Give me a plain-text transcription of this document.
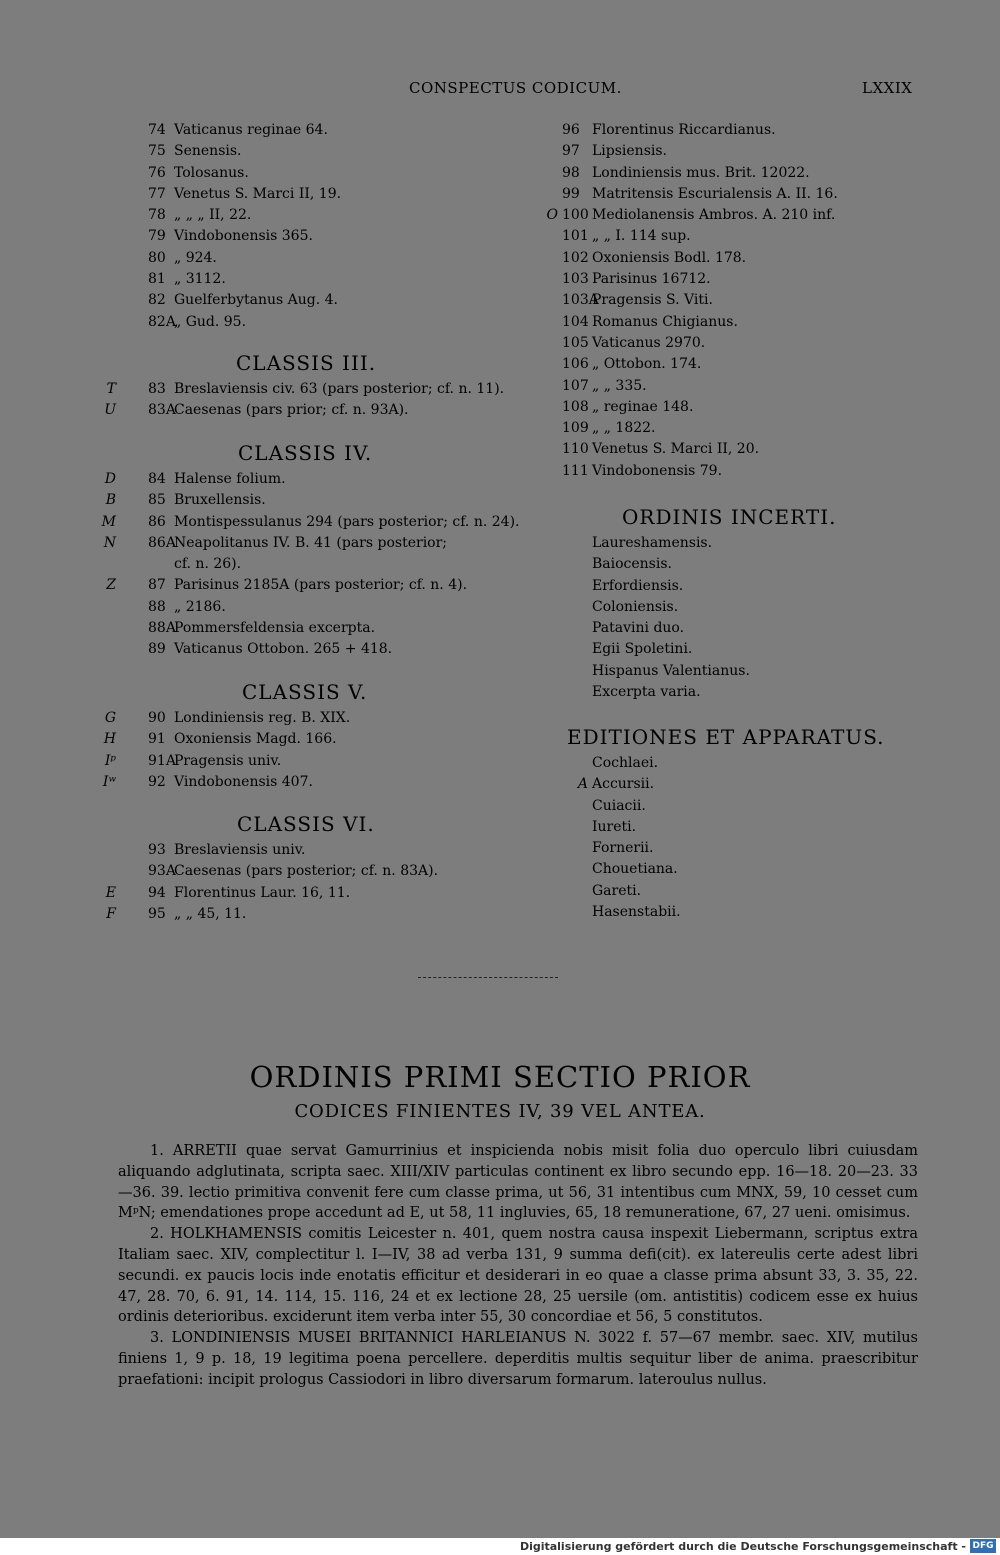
CONSPECTUS CODICUM.	LXXIX
74 Vaticanus reginae 64.
75 Senensis.
76 Tolosanus.
77 Venetus S. Marci II, 19.
78 „ „ „ II, 22.
79 Vindobonensis 365.
80 „ 924.
81 „ 3112.
82 Guelferbytanus Aug. 4.
82A
„ Gud. 95.
CLASSIS III.
T 83 Breslaviensis civ. 63 (pars posterior; cf. n. 11).
U 83A
Caesenas (pars prior; cf. n. 93A).
CLASSIS IV.
D 84 Halense folium.
B 85 Bruxellensis.
M 86 Montispessulanus 294 (pars posterior; cf. n. 24).
N 86A
Neapolitanus IV. B. 41 (pars posterior;
cf. n. 26).
Z 87 Parisinus 2185A (pars posterior; cf. n. 4).
88 „ 2186.
88A
Pommersfeldensia excerpta.
89 Vaticanus Ottobon. 265 + 418.
CLASSIS V.
G 90 Londiniensis reg. B. XIX.
H 91 Oxoniensis Magd. 166.
Iᵖ 91A
Pragensis univ.
Iʷ 92 Vindobonensis 407.
CLASSIS VI.
93 Breslaviensis univ.
93A
Caesenas (pars posterior; cf. n. 83A).
E 94 Florentinus Laur. 16, 11.
F 95 „ „ 45, 11.
96 Florentinus Riccardianus.
97 Lipsiensis.
98 Londiniensis mus. Brit. 12022.
99 Matritensis Escurialensis A. II. 16.
O 100 Mediolanensis Ambros. A. 210 inf.
101 „ „ I. 114 sup.
102 Oxoniensis Bodl. 178.
103 Parisinus 16712.
103A
Pragensis S. Viti.
104 Romanus Chigianus.
105 Vaticanus 2970.
106 „ Ottobon. 174.
107 „ „ 335.
108 „ reginae 148.
109 „ „ 1822.
110 Venetus S. Marci II, 20.
111 Vindobonensis 79.
ORDINIS INCERTI.
Laureshamensis.
Baiocensis.
Erfordiensis.
Coloniensis.
Patavini duo.
Egii Spoletini.
Hispanus Valentianus.
Excerpta varia.
EDITIONES ET APPARATUS.
Cochlaei.
A Accursii.
Cuiacii.
Iureti.
Fornerii.
Chouetiana.
Gareti.
Hasenstabii.
ORDINIS PRIMI SECTIO PRIOR
CODICES FINIENTES IV, 39 VEL ANTEA.

1. ARRETII quae servat Gamurrinius et inspicienda nobis misit folia duo operculo libri cuiusdam aliquando adglutinata, scripta saec. XIII/XIV particulas continent ex libro secundo epp. 16—18. 20—23. 33—36. 39. lectio primitiva convenit fere cum classe prima, ut 56, 31 intentibus cum MNX, 59, 10 cesset cum MᵖN; emendationes prope accedunt ad E, ut 58, 11 ingluvies, 65, 18 remuneratione, 67, 27 ueni. omisimus.

2. HOLKHAMENSIS comitis Leicester n. 401, quem nostra causa inspexit Liebermann, scriptus extra Italiam saec. XIV, complectitur l. I—IV, 38 ad verba 131, 9 summa defi(cit). ex latereulis certe adest libri secundi. ex paucis locis inde enotatis efficitur et desiderari in eo quae a classe prima absunt 33, 3. 35, 22. 47, 28. 70, 6. 91, 14. 114, 15. 116, 24 et ex lectione 28, 25 uersile (om. antistitis) codicem esse ex huius ordinis deterioribus. exciderunt item verba inter 55, 30 concordiae et 56, 5 constitutos.

3. LONDINIENSIS MUSEI BRITANNICI HARLEIANUS N. 3022 f. 57—67 membr. saec. XIV, mutilus finiens 1, 9 p. 18, 19 legitima poena percellere. deperditis multis sequitur liber de anima. praescribitur praefationi: incipit prologus Cassiodori in libro diversarum formarum. lateroulus nullus.

Digitalisierung gefördert durch die Deutsche Forschungsgemeinschaft - DFG
